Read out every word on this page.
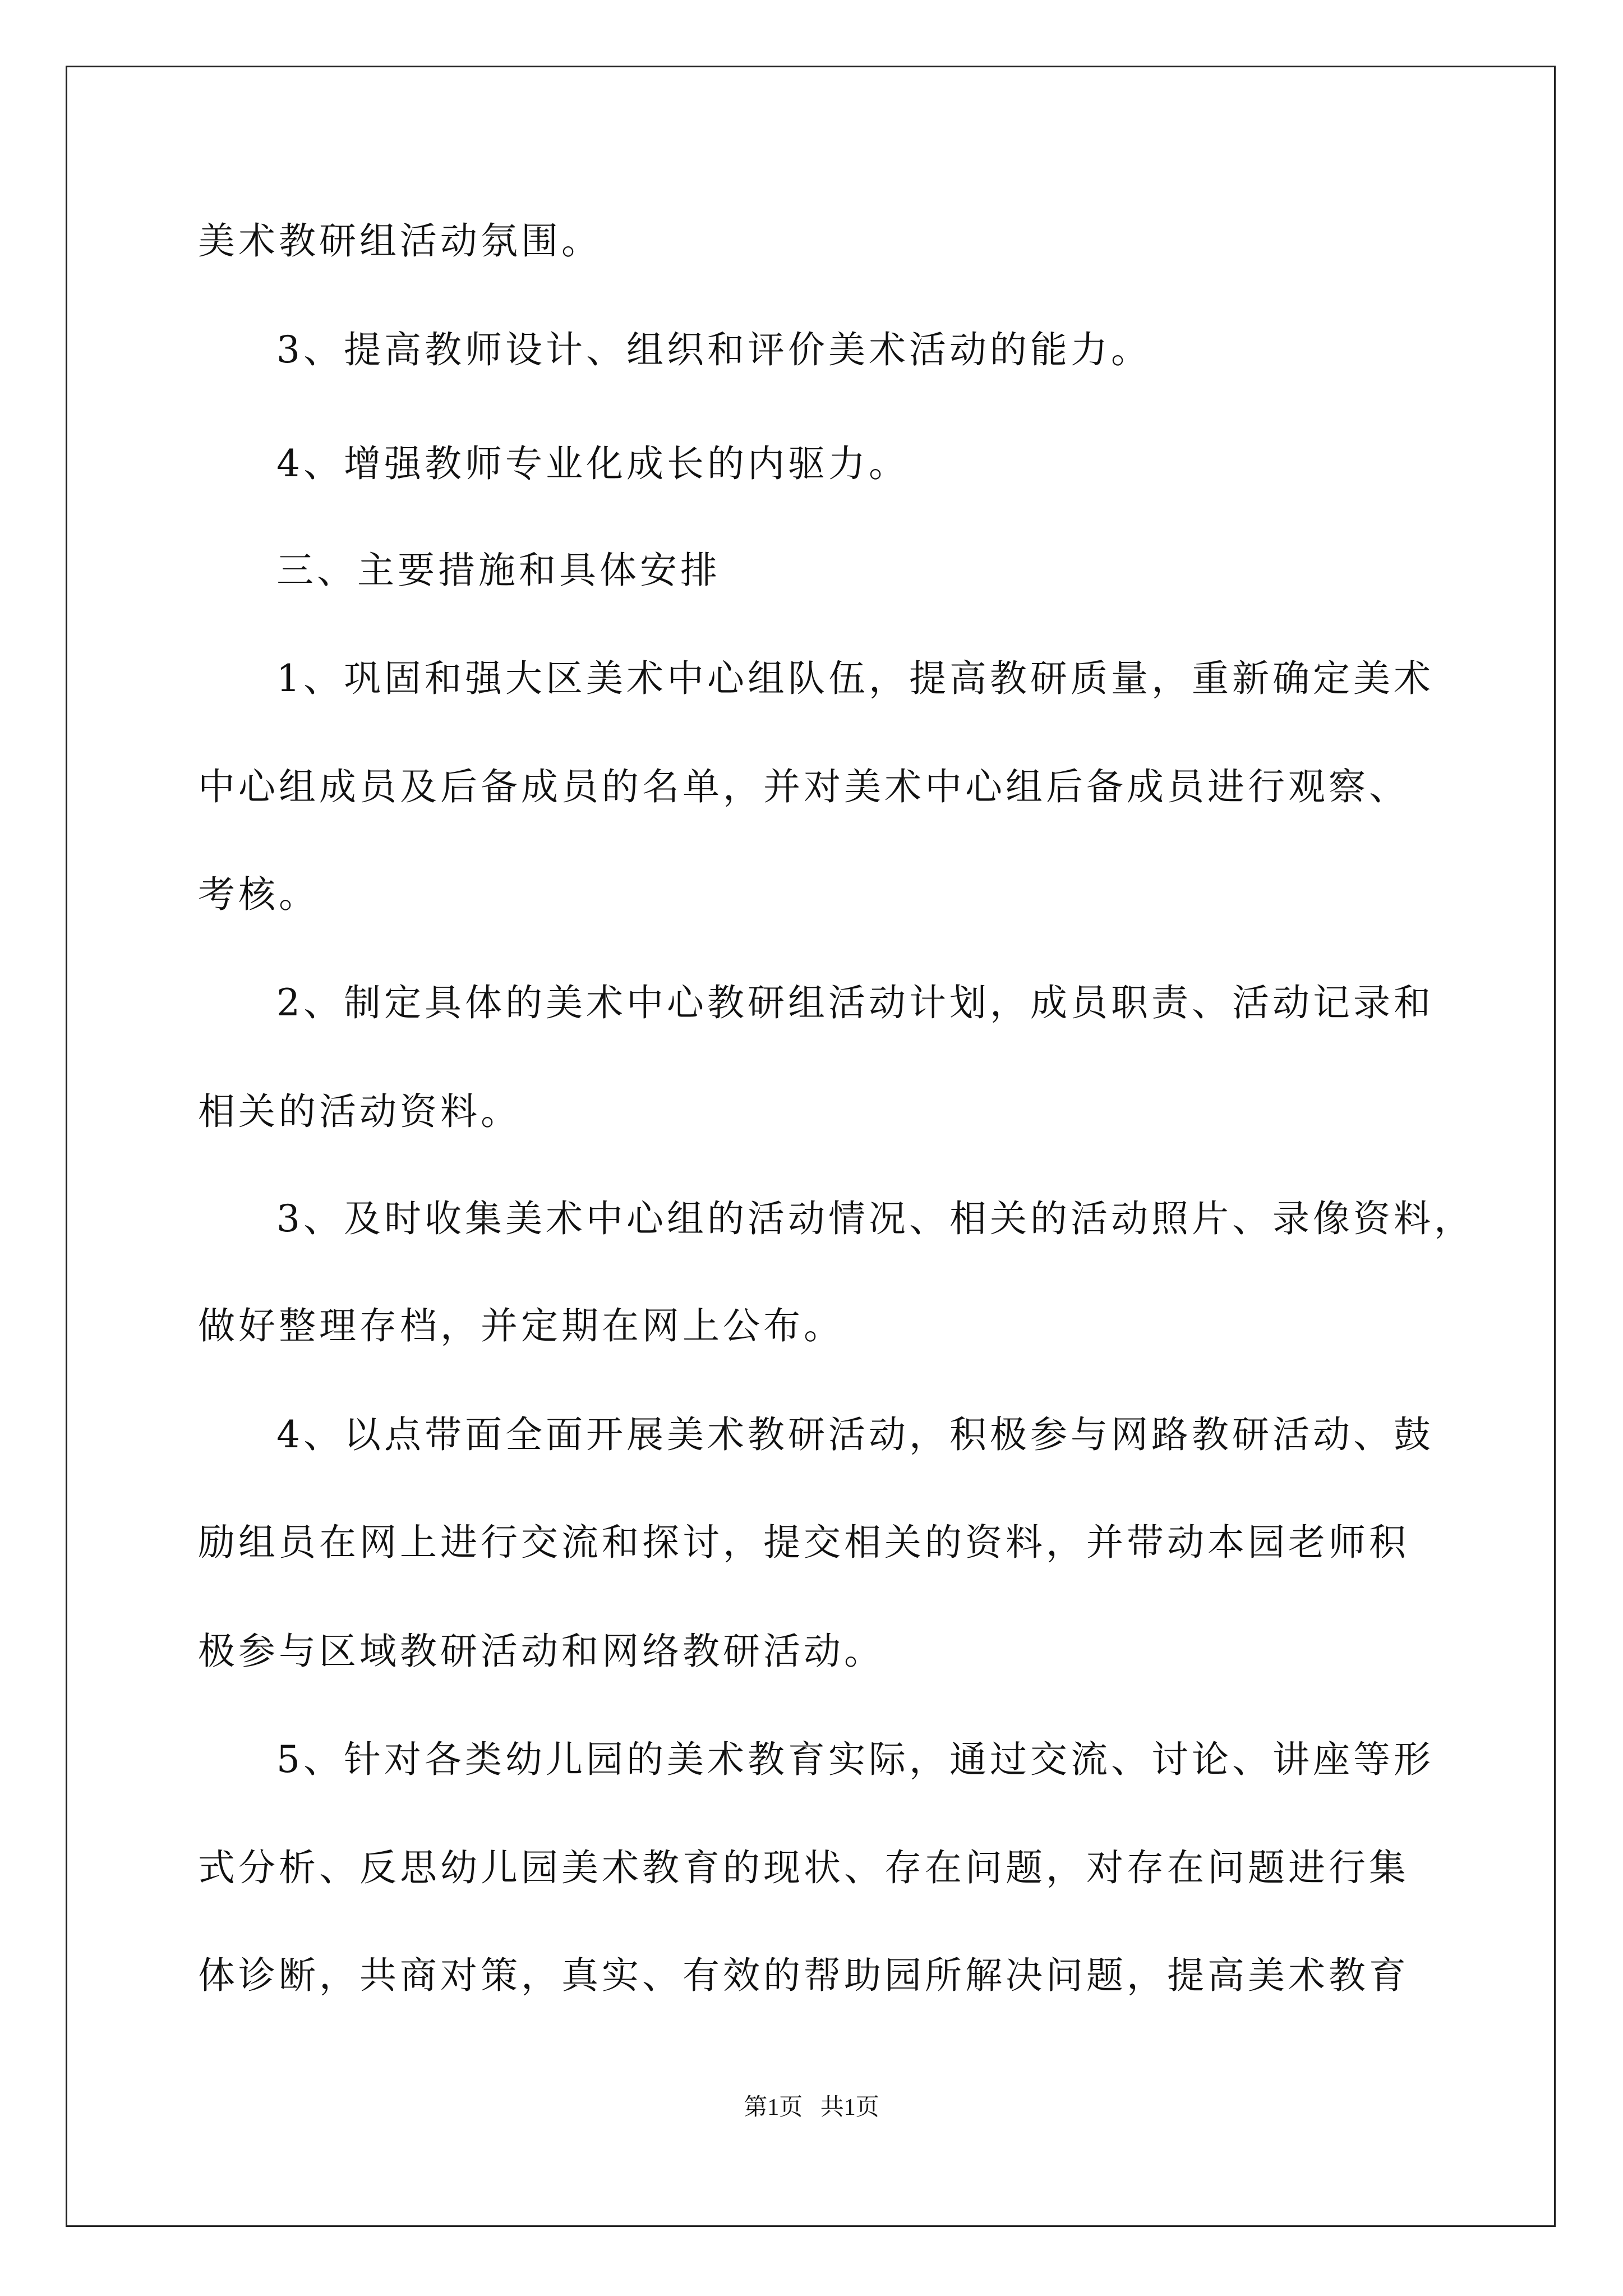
美术教研组活动氛围。
3、提高教师设计、组织和评价美术活动的能力。
4、增强教师专业化成长的内驱力。
三、主要措施和具体安排
1、巩固和强大区美术中心组队伍，提高教研质量，重新确定美术
中心组成员及后备成员的名单，并对美术中心组后备成员进行观察、
考核。
2、制定具体的美术中心教研组活动计划，成员职责、活动记录和
相关的活动资料。
3、及时收集美术中心组的活动情况、相关的活动照片、录像资料，
做好整理存档，并定期在网上公布。
4、以点带面全面开展美术教研活动，积极参与网路教研活动、鼓
励组员在网上进行交流和探讨，提交相关的资料，并带动本园老师积
极参与区域教研活动和网络教研活动。
5、针对各类幼儿园的美术教育实际，通过交流、讨论、讲座等形
式分析、反思幼儿园美术教育的现状、存在问题，对存在问题进行集
体诊断，共商对策，真实、有效的帮助园所解决问题，提高美术教育
第1页   共1页
